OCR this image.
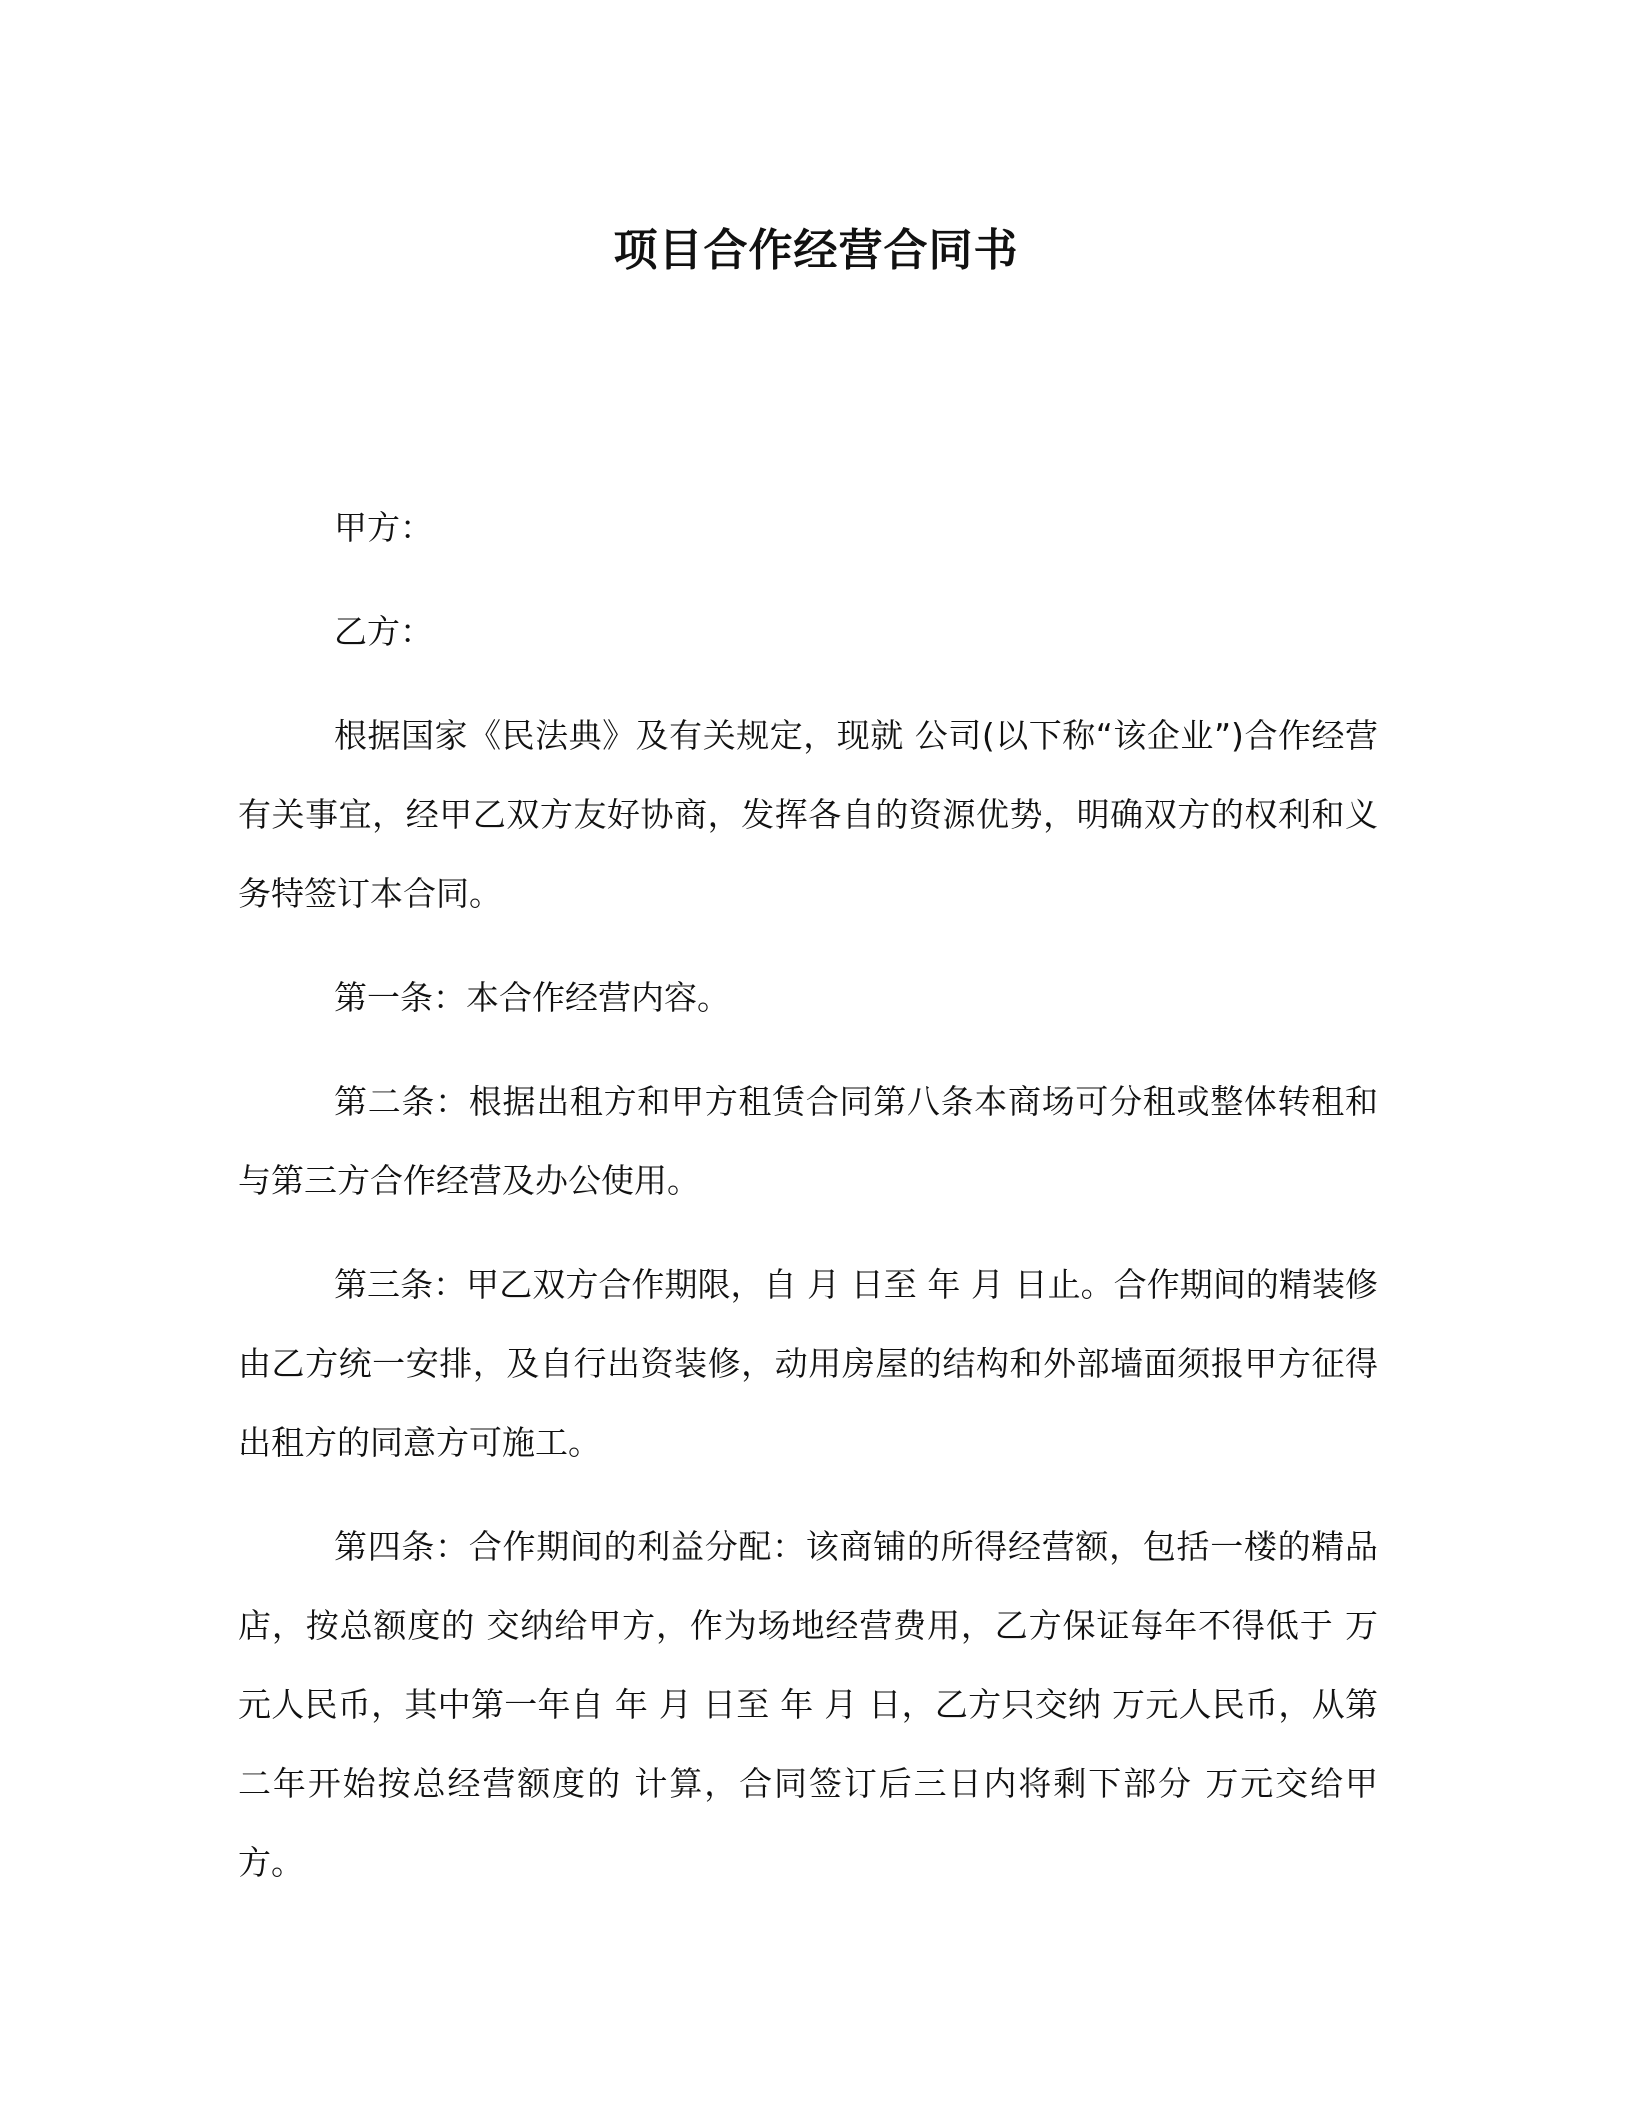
项目合作经营合同书

甲方：

乙方：

根据国家《民法典》及有关规定，现就 公司(以下称“该企业”)合作经营有关事宜，经甲乙双方友好协商，发挥各自的资源优势，明确双方的权利和义务特签订本合同。

第一条：本合作经营内容。

第二条：根据出租方和甲方租赁合同第八条本商场可分租或整体转租和与第三方合作经营及办公使用。

第三条：甲乙双方合作期限，自 月 日至 年 月 日止。合作期间的精装修由乙方统一安排，及自行出资装修，动用房屋的结构和外部墙面须报甲方征得出租方的同意方可施工。

第四条：合作期间的利益分配：该商铺的所得经营额，包括一楼的精品店，按总额度的 交纳给甲方，作为场地经营费用，乙方保证每年不得低于 万元人民币，其中第一年自 年 月 日至 年 月 日，乙方只交纳 万元人民币，从第二年开始按总经营额度的 计算，合同签订后三日内将剩下部分 万元交给甲方。
